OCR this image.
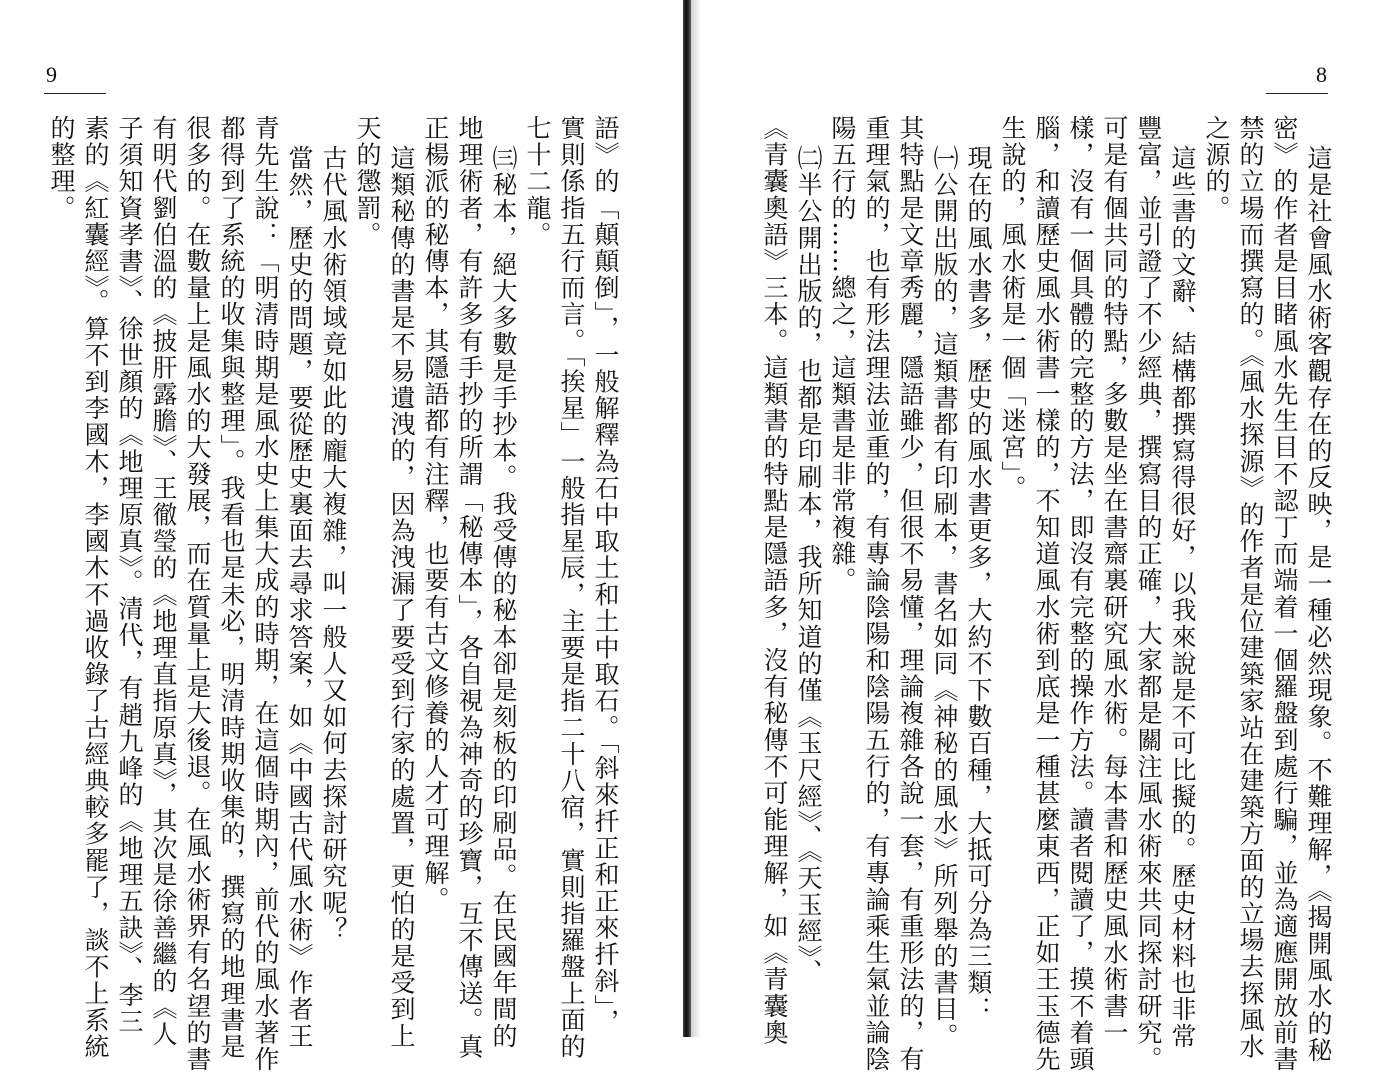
9
語》的「顛顛倒」，一般解釋為石中取土和土中取石。「斜來扦正和正來扦斜」，
實則係指五行而言。「挨星」一般指星辰，主要是指二十八宿，實則指羅盤上面的
七十二龍。
㈢秘本，絕大多數是手抄本。我受傳的秘本卻是刻板的印刷品。在民國年間的
地理術者，有許多有手抄的所謂「秘傳本」，各自視為神奇的珍寶，互不傳送。真
正楊派的秘傳本，其隱語都有注釋，也要有古文修養的人才可理解。
這類秘傳的書是不易遺洩的，因為洩漏了要受到行家的處置，更怕的是受到上
天的懲罰。
古代風水術領域竟如此的龐大複雜，叫一般人又如何去探討研究呢？
當然，歷史的問題，要從歷史裏面去尋求答案，如《中國古代風水術》作者王
青先生說：「明清時期是風水史上集大成的時期，在這個時期內，前代的風水著作
都得到了系統的收集與整理」。我看也是未必，明清時期收集的，撰寫的地理書是
很多的。在數量上是風水的大發展，而在質量上是大後退。在風水術界有名望的書
有明代劉伯溫的《披肝露膽》、王徹瑩的《地理直指原真》，其次是徐善繼的《人
子須知資孝書》、徐世顏的《地理原真》。清代，有趙九峰的《地理五訣》、李三
素的《紅囊經》。算不到李國木，李國木不過收錄了古經典較多罷了，談不上系統
的整理。
8
這是社會風水術客觀存在的反映，是一種必然現象。不難理解，《揭開風水的秘
密》的作者是目睹風水先生目不認丁而端着一個羅盤到處行騙，並為適應開放前書
禁的立場而撰寫的。《風水探源》的作者是位建築家站在建築方面的立場去探風水
之源的。
這些書的文辭、結構都撰寫得很好，以我來說是不可比擬的。歷史材料也非常
豐富，並引證了不少經典，撰寫目的正確，大家都是關注風水術來共同探討研究。
可是有個共同的特點，多數是坐在書齋裏研究風水術。每本書和歷史風水術書一
樣，沒有一個具體的完整的方法，即沒有完整的操作方法。讀者閱讀了，摸不着頭
腦，和讀歷史風水術書一樣的，不知道風水術到底是一種甚麼東西，正如王玉德先
生說的，風水術是一個「迷宮」。
現在的風水書多，歷史的風水書更多，大約不下數百種，大抵可分為三類：
㈠公開出版的，這類書都有印刷本，書名如同《神秘的風水》所列舉的書目。
其特點是文章秀麗，隱語雖少，但很不易懂，理論複雜各說一套，有重形法的，有
重理氣的，也有形法理法並重的，有專論陰陽和陰陽五行的，有專論乘生氣並論陰
陽五行的……總之，這類書是非常複雜。
㈡半公開出版的，也都是印刷本，我所知道的僅《玉尺經》、《天玉經》、
《青囊奧語》三本。這類書的特點是隱語多，沒有秘傳不可能理解，如《青囊奧
